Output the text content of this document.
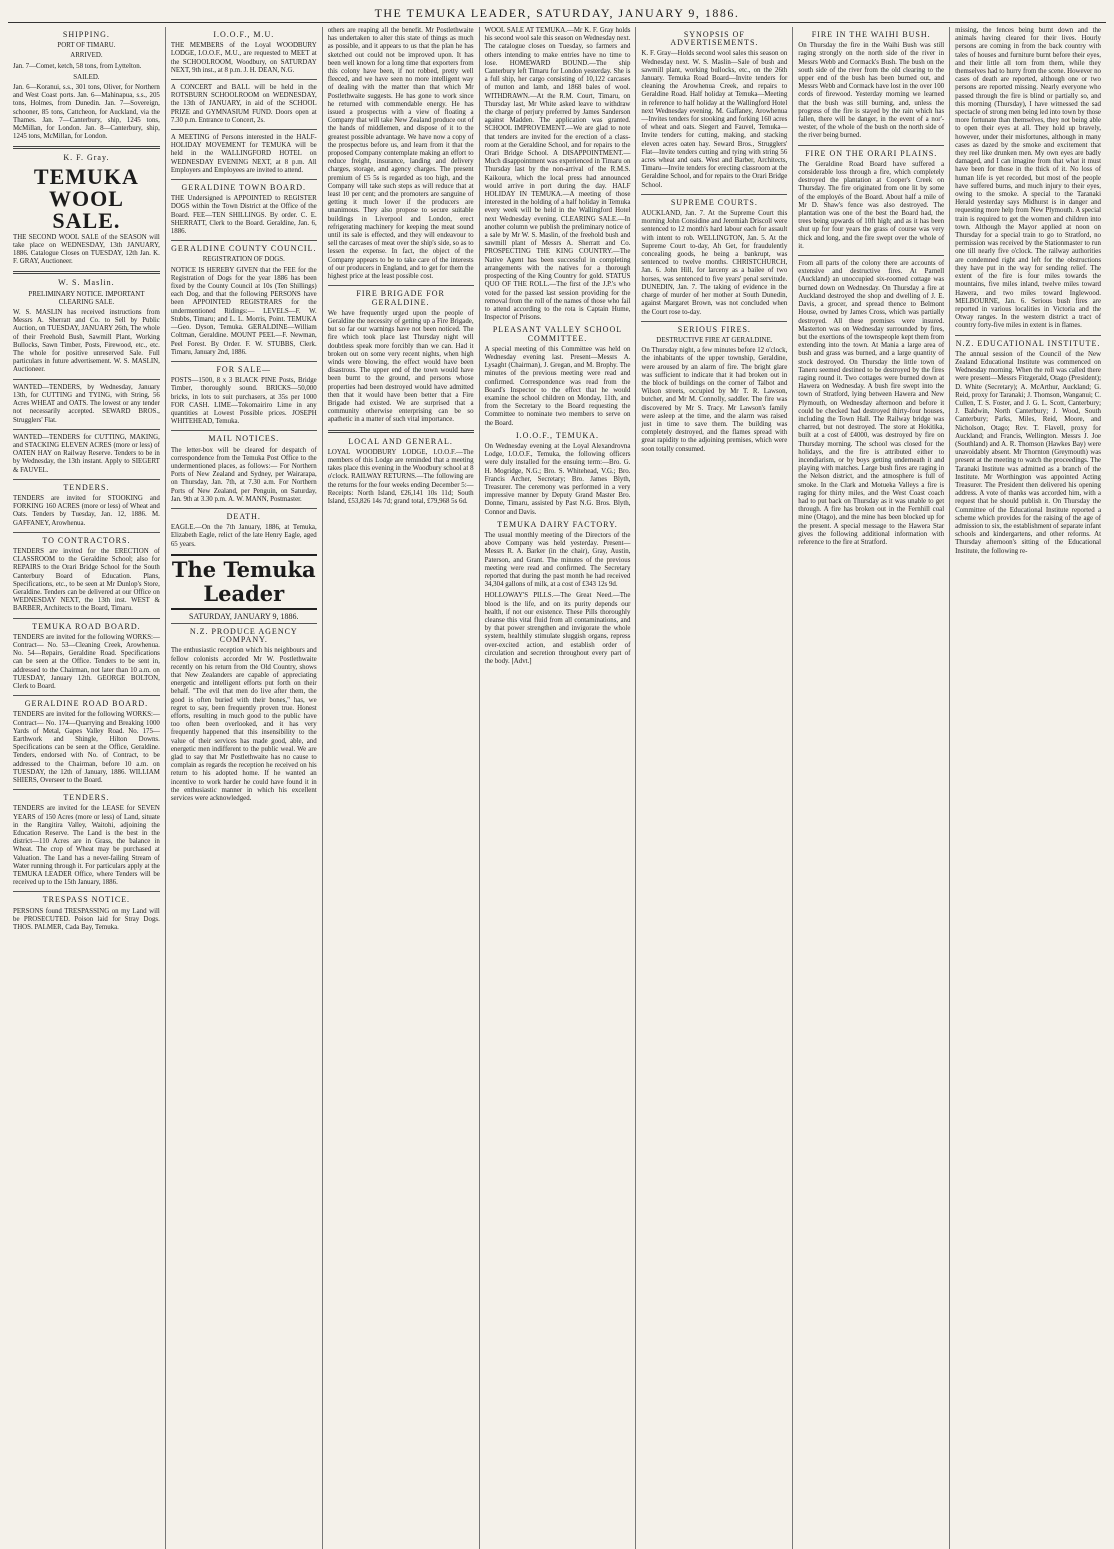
THE TEMUKA LEADER, SATURDAY, JANUARY 9, 1886.
SHIPPING.
PORT OF TIMARU.
ARRIVED.

Jan. 7—Comet, ketch, 58 tons, from Lyttelton.

SAILED.

Jan. 6—Koranui, s.s., 301 tons, Oliver, for Northern and West Coast ports. Jan. 6—Mahinapua, s.s., 205 tons, Holmes, from Dunedin. Jan. 7—Sovereign, schooner, 85 tons, Cattcheon, for Auckland, via the Thames. Jan. 7—Canterbury, ship, 1245 tons, McMillan, for London. Jan. 8—Canterbury, ship, 1245 tons, McMillan, for London.

K. F. Gray.
TEMUKA WOOL SALE.

THE SECOND WOOL SALE of the SEASON will take place on WEDNESDAY, 13th JANUARY, 1886. Catalogue Closes on TUESDAY, 12th Jan. K. F. GRAY, Auctioneer.

W. S. Maslin.
PRELIMINARY NOTICE. IMPORTANT CLEARING SALE.

W. S. MASLIN has received instructions from Messrs A. Sherratt and Co. to Sell by Public Auction, on TUESDAY, JANUARY 26th, The whole of their Freehold Bush, Sawmill Plant, Working Bullocks, Sawn Timber, Posts, Firewood, etc., etc. The whole for positive unreserved Sale. Full particulars in future advertisement. W. S. MASLIN, Auctioneer.

WANTED—TENDERS, by Wednesday, January 13th, for CUTTING and TYING, with String, 56 Acres WHEAT and OATS. The lowest or any tender not necessarily accepted. SEWARD BROS., Strugglers' Flat.

WANTED—TENDERS for CUTTING, MAKING, and STACKING ELEVEN ACRES (more or less) of OATEN HAY on Railway Reserve. Tenders to be in by Wednesday, the 13th instant. Apply to SIEGERT & FAUVEL.

TENDERS.

TENDERS are invited for STOOKING and FORKING 160 ACRES (more or less) of Wheat and Oats. Tenders by Tuesday, Jan. 12, 1886. M. GAFFANEY, Arowhenua.

TO CONTRACTORS.

TENDERS are invited for the ERECTION of CLASSROOM to the Geraldine School; also for REPAIRS to the Orari Bridge School for the South Canterbury Board of Education. Plans, Specifications, etc., to be seen at Mr Dunlop's Store, Geraldine. Tenders can be delivered at our Office on WEDNESDAY NEXT, the 13th inst. WEST & BARBER, Architects to the Board, Timaru.

TEMUKA ROAD BOARD.

TENDERS are invited for the following WORKS:— Contract— No. 53—Cleaning Creek, Arowhenua. No. 54—Repairs, Geraldine Road. Specifications can be seen at the Office. Tenders to be sent in, addressed to the Chairman, not later than 10 a.m. on TUESDAY, January 12th. GEORGE BOLTON, Clerk to Board.

GERALDINE ROAD BOARD.

TENDERS are invited for the following WORKS:— Contract— No. 174—Quarrying and Breaking 1000 Yards of Metal, Gapes Valley Road. No. 175—Earthwork and Shingle, Hilton Downs. Specifications can be seen at the Office, Geraldine. Tenders, endorsed with No. of Contract, to be addressed to the Chairman, before 10 a.m. on TUESDAY, the 12th of January, 1886. WILLIAM SHIERS, Overseer to the Board.

TENDERS.

TENDERS are invited for the LEASE for SEVEN YEARS of 150 Acres (more or less) of Land, situate in the Rangitira Valley, Waitohi, adjoining the Education Reserve. The Land is the best in the district—110 Acres are in Grass, the balance in Wheat. The crop of Wheat may be purchased at Valuation. The Land has a never-failing Stream of Water running through it. For particulars apply at the TEMUKA LEADER Office, where Tenders will be received up to the 15th January, 1886.

TRESPASS NOTICE.

PERSONS found TRESPASSING on my Land will be PROSECUTED. Poison laid for Stray Dogs. THOS. PALMER, Cada Bay, Temuka.

I.O.O.F., M.U.

THE MEMBERS of the Loyal WOODBURY LODGE, I.O.O.F., M.U., are requested to MEET at the SCHOOLROOM, Woodbury, on SATURDAY NEXT, 9th inst., at 8 p.m. J. H. DEAN, N.G.

A CONCERT and BALL will be held in the ROTSBURN SCHOOLROOM on WEDNESDAY, the 13th of JANUARY, in aid of the SCHOOL PRIZE and GYMNASIUM FUND. Doors open at 7.30 p.m. Entrance to Concert, 2s.

A MEETING of Persons interested in the HALF-HOLIDAY MOVEMENT for TEMUKA will be held in the WALLINGFORD HOTEL on WEDNESDAY EVENING NEXT, at 8 p.m. All Employers and Employees are invited to attend.

GERALDINE TOWN BOARD.

THE Undersigned is APPOINTED to REGISTER DOGS within the Town District at the Office of the Board. FEE—TEN SHILLINGS. By order. C. E. SHERRATT, Clerk to the Board. Geraldine, Jan. 6, 1886.

GERALDINE COUNTY COUNCIL.
REGISTRATION OF DOGS.

NOTICE IS HEREBY GIVEN that the FEE for the Registration of Dogs for the year 1886 has been fixed by the County Council at 10s (Ten Shillings) each Dog, and that the following PERSONS have been APPOINTED REGISTRARS for the undermentioned Ridings:— LEVELS—F. W. Stubbs, Timaru; and L. L. Morris, Point. TEMUKA—Geo. Dyson, Temuka. GERALDINE—William Coltman, Geraldine. MOUNT PEEL—F. Newman, Peel Forest. By Order. F. W. STUBBS, Clerk. Timaru, January 2nd, 1886.

FOR SALE—

POSTS—1500, 8 x 3 BLACK PINE Posts, Bridge Timber, thoroughly sound. BRICKS—50,000 bricks, in lots to suit purchasers, at 35s per 1000 FOR CASH. LIME—Tokomairiro Lime in any quantities at Lowest Possible prices. JOSEPH WHITEHEAD, Temuka.

MAIL NOTICES.

The letter-box will be cleared for despatch of correspondence from the Temuka Post Office to the undermentioned places, as follows:— For Northern Ports of New Zealand and Sydney, per Wairarapa, on Thursday, Jan. 7th, at 7.30 a.m. For Northern Ports of New Zealand, per Penguin, on Saturday, Jan. 9th at 3.30 p.m. A. W. MANN, Postmaster.

DEATH.

EAGLE.—On the 7th January, 1886, at Temuka, Elizabeth Eagle, relict of the late Henry Eagle, aged 65 years.

The Temuka Leader
SATURDAY, JANUARY 9, 1886.
N.Z. PRODUCE AGENCY COMPANY.

The enthusiastic reception which his neighbours and fellow colonists accorded Mr W. Postlethwaite recently on his return from the Old Country, shows that New Zealanders are capable of appreciating energetic and intelligent efforts put forth on their behalf. "The evil that men do live after them, the good is often buried with their bones," has, we regret to say, been frequently proven true. Honest efforts, resulting in much good to the public have too often been overlooked, and it has very frequently happened that this insensibility to the value of their services has made good, able, and energetic men indifferent to the public weal. We are glad to say that Mr Postlethwaite has no cause to complain as regards the reception he received on his return to his adopted home. If he wanted an incentive to work harder he could have found it in the enthusiastic manner in which his excellent services were acknowledged.

others are reaping all the benefit. Mr Postlethwaite has undertaken to alter this state of things as much as possible, and it appears to us that the plan he has sketched out could not be improved upon. It has been well known for a long time that exporters from this colony have been, if not robbed, pretty well fleeced, and we have seen no more intelligent way of dealing with the matter than that which Mr Postlethwaite suggests. He has gone to work since he returned with commendable energy. He has issued a prospectus with a view of floating a Company that will take New Zealand produce out of the hands of middlemen, and dispose of it to the greatest possible advantage. We have now a copy of the prospectus before us, and learn from it that the proposed Company contemplate making an effort to reduce freight, insurance, landing and delivery charges, storage, and agency charges. The present premium of £5 5s is regarded as too high, and the Company will take such steps as will reduce that at least 10 per cent; and the promoters are sanguine of getting it much lower if the producers are unanimous. They also propose to secure suitable buildings in Liverpool and London, erect refrigerating machinery for keeping the meat sound until its sale is effected, and they will endeavour to sell the carcases of meat over the ship's side, so as to lessen the expense. In fact, the object of the Company appears to be to take care of the interests of our producers in England, and to get for them the highest price at the least possible cost.

FIRE BRIGADE FOR GERALDINE.

We have frequently urged upon the people of Geraldine the necessity of getting up a Fire Brigade, but so far our warnings have not been noticed. The fire which took place last Thursday night will doubtless speak more forcibly than we can. Had it broken out on some very recent nights, when high winds were blowing, the effect would have been disastrous. The upper end of the town would have been burnt to the ground, and persons whose properties had been destroyed would have admitted then that it would have been better that a Fire Brigade had existed. We are surprised that a community otherwise enterprising can be so apathetic in a matter of such vital importance.

LOCAL AND GENERAL.

LOYAL WOODBURY LODGE, I.O.O.F.—The members of this Lodge are reminded that a meeting takes place this evening in the Woodbury school at 8 o'clock. RAILWAY RETURNS.—The following are the returns for the four weeks ending December 5:— Receipts: North Island, £26,141 10s 11d; South Island, £53,826 14s 7d; grand total, £79,968 5s 6d.

WOOL SALE AT TEMUKA.—Mr K. F. Gray holds his second wool sale this season on Wednesday next. The catalogue closes on Tuesday, so farmers and others intending to make entries have no time to lose. HOMEWARD BOUND.—The ship Canterbury left Timaru for London yesterday. She is a full ship, her cargo consisting of 10,122 carcases of mutton and lamb, and 1868 bales of wool. WITHDRAWN.—At the R.M. Court, Timaru, on Thursday last, Mr White asked leave to withdraw the charge of perjury preferred by James Sanderson against Madden. The application was granted. SCHOOL IMPROVEMENT.—We are glad to note that tenders are invited for the erection of a class-room at the Geraldine School, and for repairs to the Orari Bridge School. A DISAPPOINTMENT.—Much disappointment was experienced in Timaru on Thursday last by the non-arrival of the R.M.S. Kaikoura, which the local press had announced would arrive in port during the day. HALF HOLIDAY IN TEMUKA.—A meeting of those interested in the holding of a half holiday in Temuka every week will be held in the Wallingford Hotel next Wednesday evening. CLEARING SALE.—In another column we publish the preliminary notice of a sale by Mr W. S. Maslin, of the freehold bush and sawmill plant of Messrs A. Sherratt and Co. PROSPECTING THE KING COUNTRY.—The Native Agent has been successful in completing arrangements with the natives for a thorough prospecting of the King Country for gold. STATUS QUO OF THE ROLL.—The first of the J.P.'s who voted for the passed last session providing for the removal from the roll of the names of those who fail to attend according to the rota is Captain Hume, Inspector of Prisons.

PLEASANT VALLEY SCHOOL COMMITTEE.

A special meeting of this Committee was held on Wednesday evening last. Present—Messrs A. Lysaght (Chairman), J. Gregan, and M. Brophy. The minutes of the previous meeting were read and confirmed. Correspondence was read from the Board's Inspector to the effect that he would examine the school children on Monday, 11th, and from the Secretary to the Board requesting the Committee to nominate two members to serve on the Board.

I.O.O.F., TEMUKA.

On Wednesday evening at the Loyal Alexandrovna Lodge, I.O.O.F., Temuka, the following officers were duly installed for the ensuing term:—Bro. G. H. Mogridge, N.G.; Bro. S. Whitehead, V.G.; Bro. Francis Archer, Secretary; Bro. James Blyth, Treasurer. The ceremony was performed in a very impressive manner by Deputy Grand Master Bro. Donne, Timaru, assisted by Past N.G. Bros. Blyth, Connor and Davis.

TEMUKA DAIRY FACTORY.

The usual monthly meeting of the Directors of the above Company was held yesterday. Present—Messrs R. A. Barker (in the chair), Gray, Austin, Paterson, and Grant. The minutes of the previous meeting were read and confirmed. The Secretary reported that during the past month he had received 34,304 gallons of milk, at a cost of £343 12s 9d.

HOLLOWAY'S PILLS.—The Great Need.—The blood is the life, and on its purity depends our health, if not our existence. These Pills thoroughly cleanse this vital fluid from all contaminations, and by that power strengthen and invigorate the whole system, healthily stimulate sluggish organs, repress over-excited action, and establish order of circulation and secretion throughout every part of the body. [Advt.]

SYNOPSIS OF ADVERTISEMENTS.

K. F. Gray—Holds second wool sales this season on Wednesday next. W. S. Maslin—Sale of bush and sawmill plant, working bullocks, etc., on the 26th January. Temuka Road Board—Invite tenders for cleaning the Arowhenua Creek, and repairs to Geraldine Road. Half holiday at Temuka—Meeting in reference to half holiday at the Wallingford Hotel next Wednesday evening. M. Gaffaney, Arowhenua—Invites tenders for stooking and forking 160 acres of wheat and oats. Siegert and Fauvel, Temuka—Invite tenders for cutting, making, and stacking eleven acres oaten hay. Seward Bros., Strugglers' Flat—Invite tenders cutting and tying with string 56 acres wheat and oats. West and Barber, Architects, Timaru—Invite tenders for erecting classroom at the Geraldine School, and for repairs to the Orari Bridge School.

SUPREME COURTS.

AUCKLAND, Jan. 7. At the Supreme Court this morning John Considine and Jeremiah Driscoll were sentenced to 12 month's hard labour each for assault with intent to rob. WELLINGTON, Jan. 5. At the Supreme Court to-day, Ah Get, for fraudulently concealing goods, he being a bankrupt, was sentenced to twelve months. CHRISTCHURCH, Jan. 6. John Hill, for larceny as a bailee of two horses, was sentenced to five years' penal servitude. DUNEDIN, Jan. 7. The taking of evidence in the charge of murder of her mother at South Dunedin, against Margaret Brown, was not concluded when the Court rose to-day.

SERIOUS FIRES.
DESTRUCTIVE FIRE AT GERALDINE.

On Thursday night, a few minutes before 12 o'clock, the inhabitants of the upper township, Geraldine, were aroused by an alarm of fire. The bright glare was sufficient to indicate that it had broken out in the block of buildings on the corner of Talbot and Wilson streets, occupied by Mr T. R. Lawson, butcher, and Mr M. Connolly, saddler. The fire was discovered by Mr S. Tracy. Mr Lawson's family were asleep at the time, and the alarm was raised just in time to save them. The building was completely destroyed, and the flames spread with great rapidity to the adjoining premises, which were soon totally consumed.

FIRE IN THE WAIHI BUSH.

On Thursday the fire in the Waihi Bush was still raging strongly on the north side of the river in Messrs Webb and Cormack's Bush. The bush on the south side of the river from the old clearing to the upper end of the bush has been burned out, and Messrs Webb and Cormack have lost in the over 100 cords of firewood. Yesterday morning we learned that the bush was still burning, and, unless the progress of the fire is stayed by the rain which has fallen, there will be danger, in the event of a nor'-wester, of the whole of the bush on the north side of the river being burned.

FIRE ON THE ORARI PLAINS.

The Geraldine Road Board have suffered a considerable loss through a fire, which completely destroyed the plantation at Cooper's Creek on Thursday. The fire originated from one lit by some of the employés of the Board. About half a mile of Mr D. Shaw's fence was also destroyed. The plantation was one of the best the Board had, the trees being upwards of 10ft high; and as it has been shut up for four years the grass of course was very thick and long, and the fire swept over the whole of it.

From all parts of the colony there are accounts of extensive and destructive fires. At Parnell (Auckland) an unoccupied six-roomed cottage was burned down on Wednesday. On Thursday a fire at Auckland destroyed the shop and dwelling of J. E. Davis, a grocer, and spread thence to Belmont House, owned by James Cross, which was partially destroyed. All these premises were insured. Masterton was on Wednesday surrounded by fires, but the exertions of the townspeople kept them from extending into the town. At Mania a large area of bush and grass was burned, and a large quantity of stock destroyed. On Thursday the little town of Taneru seemed destined to be destroyed by the fires raging round it. Two cottages were burned down at Hawera on Wednesday. A bush fire swept into the town of Stratford, lying between Hawera and New Plymouth, on Wednesday afternoon and before it could be checked had destroyed thirty-four houses, including the Town Hall. The Railway bridge was charred, but not destroyed. The store at Hokitika, built at a cost of £4000, was destroyed by fire on Thursday morning. The school was closed for the holidays, and the fire is attributed either to incendiarism, or by boys getting underneath it and playing with matches. Large bush fires are raging in the Nelson district, and the atmosphere is full of smoke. In the Clark and Motueka Valleys a fire is raging for thirty miles, and the West Coast coach had to put back on Thursday as it was unable to get through. A fire has broken out in the Fernhill coal mine (Otago), and the mine has been blocked up for the present. A special message to the Hawera Star gives the following additional information with reference to the fire at Stratford.

missing, the fences being burnt down and the animals having cleared for their lives. Hourly persons are coming in from the back country with tales of houses and furniture burnt before their eyes, and their little all torn from them, while they themselves had to hurry from the scene. However no cases of death are reported, although one or two persons are reported missing. Nearly everyone who passed through the fire is blind or partially so, and this morning (Thursday), I have witnessed the sad spectacle of strong men being led into town by those more fortunate than themselves, they not being able to open their eyes at all. They hold up bravely, however, under their misfortunes, although in many cases as dazed by the smoke and excitement that they reel like drunken men. My own eyes are badly damaged, and I can imagine from that what it must have been for those in the thick of it. No loss of human life is yet recorded, but most of the people have suffered burns, and much injury to their eyes, owing to the smoke. A special to the Taranaki Herald yesterday says Midhurst is in danger and requesting more help from New Plymouth. A special train is required to get the women and children into town. Although the Mayor applied at noon on Thursday for a special train to go to Stratford, no permission was received by the Stationmaster to run one till nearly five o'clock. The railway authorities are condemned right and left for the obstructions they have put in the way for sending relief. The extent of the fire is four miles towards the mountains, five miles inland, twelve miles toward Hawera, and two miles toward Inglewood. MELBOURNE, Jan. 6. Serious bush fires are reported in various localities in Victoria and the Otway ranges. In the western district a tract of country forty-five miles in extent is in flames.

N.Z. EDUCATIONAL INSTITUTE.

The annual session of the Council of the New Zealand Educational Institute was commenced on Wednesday morning. When the roll was called there were present—Messrs Fitzgerald, Otago (President); D. White (Secretary); A. McArthur, Auckland; G. Reid, proxy for Taranaki; J. Thomson, Wanganui; C. Cullen, T. S. Foster, and J. G. L. Scott, Canterbury; J. Baldwin, North Canterbury; J. Wood, South Canterbury; Parks, Miles, Reid, Moore, and Nicholson, Otago; Rev. T. Flavell, proxy for Auckland; and Francis, Wellington. Messrs J. Joe (Southland) and A. R. Thomson (Hawkes Bay) were unavoidably absent. Mr Thornton (Greymouth) was present at the meeting to watch the proceedings. The Taranaki Institute was admitted as a branch of the Institute. Mr Worthington was appointed Acting Treasurer. The President then delivered his opening address. A vote of thanks was accorded him, with a request that he should publish it. On Thursday the Committee of the Educational Institute reported a scheme which provides for the raising of the age of admission to six, the establishment of separate infant schools and kindergartens, and other reforms. At Thursday afternoon's sitting of the Educational Institute, the following re-
